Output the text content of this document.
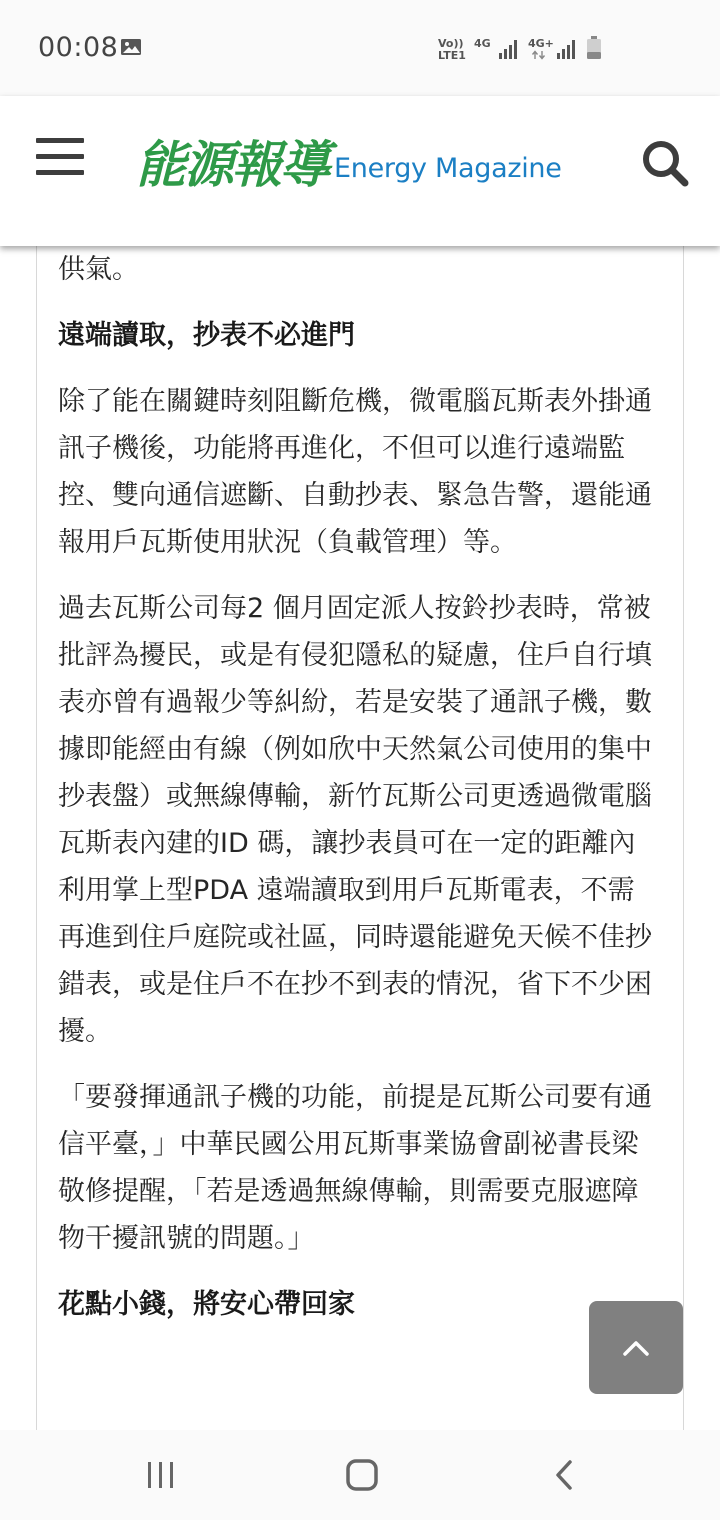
00:08	Vo))
LTE1
4G	4G+
能源報導 Energy Magazine

供氣。

遠端讀取，抄表不必進門

除了能在關鍵時刻阻斷危機，微電腦瓦斯表外掛通訊子機後，功能將再進化，不但可以進行遠端監控、雙向通信遮斷、自動抄表、緊急告警，還能通報用戶瓦斯使用狀況（負載管理）等。

過去瓦斯公司每2 個月固定派人按鈴抄表時，常被批評為擾民，或是有侵犯隱私的疑慮，住戶自行填表亦曾有過報少等糾紛，若是安裝了通訊子機，數據即能經由有線（例如欣中天然氣公司使用的集中抄表盤）或無線傳輸，新竹瓦斯公司更透過微電腦瓦斯表內建的ID 碼，讓抄表員可在一定的距離內利用掌上型PDA 遠端讀取到用戶瓦斯電表，不需再進到住戶庭院或社區，同時還能避免天候不佳抄錯表，或是住戶不在抄不到表的情況，省下不少困擾。

「要發揮通訊子機的功能，前提是瓦斯公司要有通信平臺，」中華民國公用瓦斯事業協會副祕書長梁敬修提醒，「若是透過無線傳輸，則需要克服遮障物干擾訊號的問題。」

花點小錢，將安心帶回家
